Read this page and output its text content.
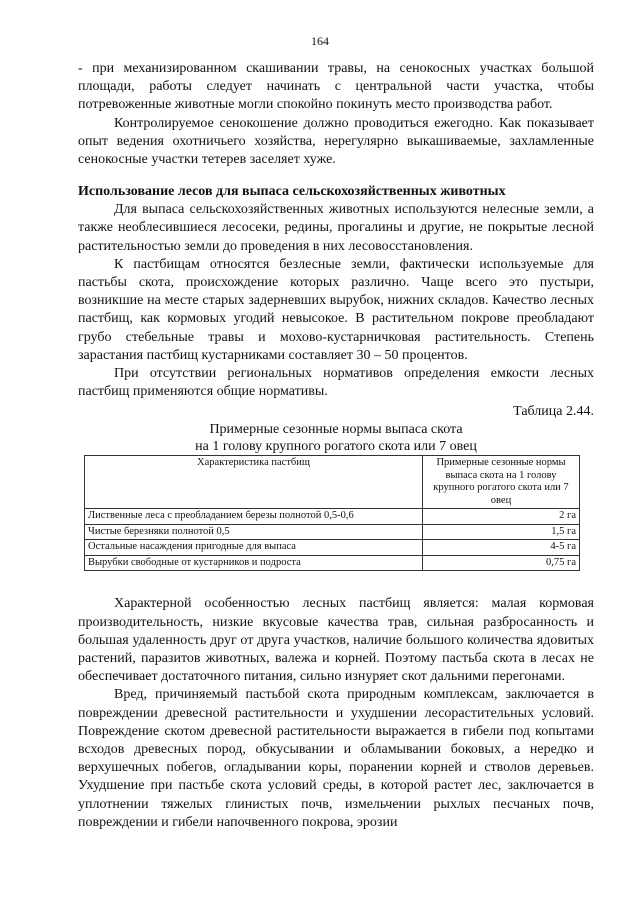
164

- при механизированном скашивании травы, на сенокосных участках большой площади, работы следует начинать с центральной части участка, чтобы потревоженные животные могли спокойно покинуть место производства работ.

Контролируемое сенокошение должно проводиться ежегодно. Как показывает опыт ведения охотничьего хозяйства, нерегулярно выкашиваемые, захламленные сенокосные участки тетерев заселяет хуже.

Использование лесов для выпаса сельскохозяйственных животных

Для выпаса сельскохозяйственных животных используются нелесные земли, а также необлесившиеся лесосеки, редины, прогалины и другие, не покрытые лесной растительностью земли до проведения в них лесовосстановления.

К пастбищам относятся безлесные земли, фактически используемые для пастьбы скота, происхождение которых различно. Чаще всего это пустыри, возникшие на месте старых задерневших вырубок, нижних складов. Качество лесных пастбищ, как кормовых угодий невысокое. В растительном покрове преобладают грубо стебельные травы и мохово-кустарничковая растительность. Степень зарастания пастбищ кустарниками составляет 30 – 50 процентов.

При отсутствии региональных нормативов определения емкости лесных пастбищ применяются общие нормативы.

Таблица 2.44.
Примерные сезонные нормы выпаса скота
на 1 голову крупного рогатого скота или 7 овец
Характеристика пастбищ	Примерные сезонные нормы выпаса скота на 1 голову крупного рогатого скота или 7 овец
Лиственные леса с преобладанием березы полнотой 0,5-0,6	2 га
Чистые березняки полнотой 0,5	1,5 га
Остальные насаждения пригодные для выпаса	4-5 га
Вырубки свободные от кустарников и подроста	0,75 га

Характерной особенностью лесных пастбищ является: малая кормовая производительность, низкие вкусовые качества трав, сильная разбросанность и большая удаленность друг от друга участков, наличие большого количества ядовитых растений, паразитов животных, валежа и корней. Поэтому пастьба скота в лесах не обеспечивает достаточного питания, сильно изнуряет скот дальними перегонами.

Вред, причиняемый пастьбой скота природным комплексам, заключается в повреждении древесной растительности и ухудшении лесорастительных условий. Повреждение скотом древесной растительности выражается в гибели под копытами всходов древесных пород, обкусывании и обламывании боковых, а нередко и верхушечных побегов, огладывании коры, поранении корней и стволов деревьев. Ухудшение при пастьбе скота условий среды, в которой растет лес, заключается в уплотнении тяжелых глинистых почв, измельчении рыхлых песчаных почв, повреждении и гибели напочвенного покрова, эрозии
